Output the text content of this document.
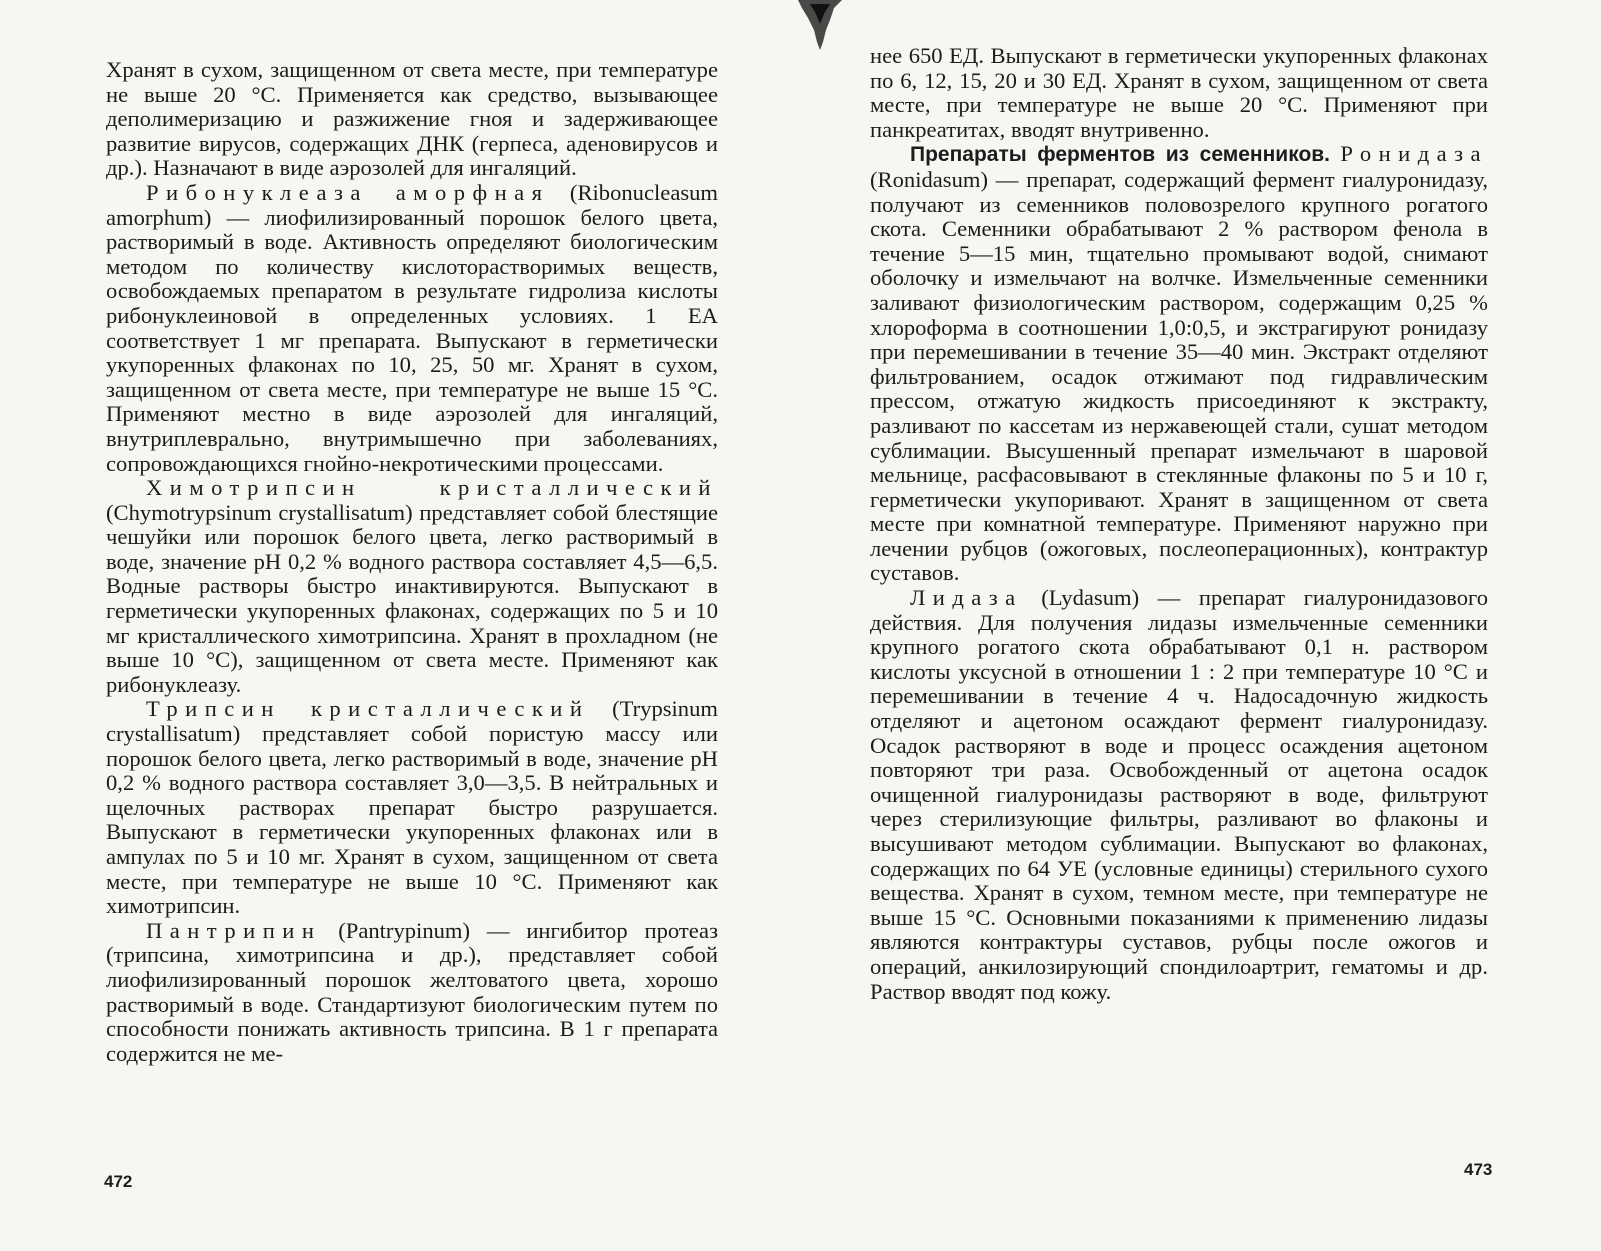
Хранят в сухом, защищенном от света месте, при температуре не выше 20 °C. Применяется как средство, вызывающее деполимеризацию и разжижение гноя и задерживающее развитие вирусов, содержащих ДНК (герпеса, аденовирусов и др.). Назначают в виде аэрозолей для ингаляций.

Рибонуклеаза аморфная (Ribonucleasum amorphum) — лиофилизированный порошок белого цвета, растворимый в воде. Активность определяют биологическим методом по количеству кислоторастворимых веществ, освобождаемых препаратом в результате гидролиза кислоты рибонуклеиновой в определенных условиях. 1 ЕА соответствует 1 мг препарата. Выпускают в герметически укупоренных флаконах по 10, 25, 50 мг. Хранят в сухом, защищенном от света месте, при температуре не выше 15 °C. Применяют местно в виде аэрозолей для ингаляций, внутриплеврально, внутримышечно при заболеваниях, сопровождающихся гнойно-некротическими процессами.

Химотрипсин кристаллический (Chymotrypsinum crystallisatum) представляет собой блестящие чешуйки или порошок белого цвета, легко растворимый в воде, значение pH 0,2 % водного раствора составляет 4,5—6,5. Водные растворы быстро инактивируются. Выпускают в герметически укупоренных флаконах, содержащих по 5 и 10 мг кристаллического химотрипсина. Хранят в прохладном (не выше 10 °C), защищенном от света месте. Применяют как рибонуклеазу.

Трипсин кристаллический (Trypsinum crystallisatum) представляет собой пористую массу или порошок белого цвета, легко растворимый в воде, значение pH 0,2 % водного раствора составляет 3,0—3,5. В нейтральных и щелочных растворах препарат быстро разрушается. Выпускают в герметически укупоренных флаконах или в ампулах по 5 и 10 мг. Хранят в сухом, защищенном от света месте, при температуре не выше 10 °C. Применяют как химотрипсин.

Пантрипин (Pantrypinum) — ингибитор протеаз (трипсина, химотрипсина и др.), представляет собой лиофилизированный порошок желтоватого цвета, хорошо растворимый в воде. Стандартизуют биологическим путем по способности понижать активность трипсина. В 1 г препарата содержится не ме-

472

нее 650 ЕД. Выпускают в герметически укупоренных флаконах по 6, 12, 15, 20 и 30 ЕД. Хранят в сухом, защищенном от света месте, при температуре не выше 20 °C. Применяют при панкреатитах, вводят внутривенно.

Препараты ферментов из семенников. Ронидаза (Ronidasum) — препарат, содержащий фермент гиалуронидазу, получают из семенников половозрелого крупного рогатого скота. Семенники обрабатывают 2 % раствором фенола в течение 5—15 мин, тщательно промывают водой, снимают оболочку и измельчают на волчке. Измельченные семенники заливают физиологическим раствором, содержащим 0,25 % хлороформа в соотношении 1,0:0,5, и экстрагируют ронидазу при перемешивании в течение 35—40 мин. Экстракт отделяют фильтрованием, осадок отжимают под гидравлическим прессом, отжатую жидкость присоединяют к экстракту, разливают по кассетам из нержавеющей стали, сушат методом сублимации. Высушенный препарат измельчают в шаровой мельнице, расфасовывают в стеклянные флаконы по 5 и 10 г, герметически укупоривают. Хранят в защищенном от света месте при комнатной температуре. Применяют наружно при лечении рубцов (ожоговых, послеоперационных), контрактур суставов.

Лидаза (Lydasum) — препарат гиалуронидазового действия. Для получения лидазы измельченные семенники крупного рогатого скота обрабатывают 0,1 н. раствором кислоты уксусной в отношении 1 : 2 при температуре 10 °C и перемешивании в течение 4 ч. Надосадочную жидкость отделяют и ацетоном осаждают фермент гиалуронидазу. Осадок растворяют в воде и процесс осаждения ацетоном повторяют три раза. Освобожденный от ацетона осадок очищенной гиалуронидазы растворяют в воде, фильтруют через стерилизующие фильтры, разливают во флаконы и высушивают методом сублимации. Выпускают во флаконах, содержащих по 64 УЕ (условные единицы) стерильного сухого вещества. Хранят в сухом, темном месте, при температуре не выше 15 °C. Основными показаниями к применению лидазы являются контрактуры суставов, рубцы после ожогов и операций, анкилозирующий спондилоартрит, гематомы и др. Раствор вводят под кожу.

473
